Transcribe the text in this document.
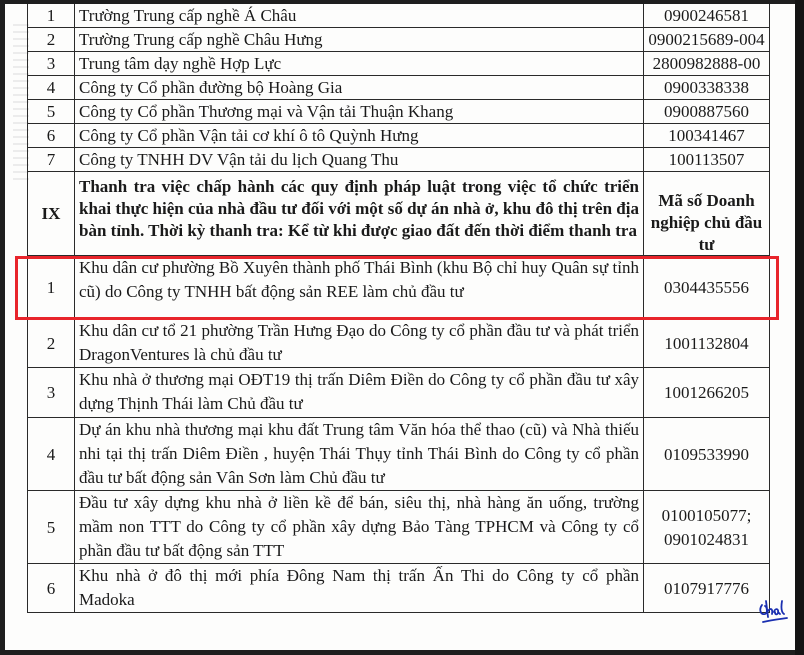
1	Trường Trung cấp nghề Á Châu	0900246581
2	Trường Trung cấp nghề Châu Hưng	0900215689-004
3	Trung tâm dạy nghề Hợp Lực	2800982888-00
4	Công ty Cổ phần đường bộ Hoàng Gia	0900338338
5	Công ty Cổ phần Thương mại và Vận tải Thuận Khang	0900887560
6	Công ty Cổ phần Vận tải cơ khí ô tô Quỳnh Hưng	100341467
7	Công ty TNHH DV Vận tải du lịch Quang Thu	100113507
IX	Thanh tra việc chấp hành các quy định pháp luật trong việc tổ chức triển khai thực hiện của nhà đầu tư đối với một số dự án nhà ở, khu đô thị trên địa bàn tỉnh. Thời kỳ thanh tra: Kể từ khi được giao đất đến thời điểm thanh tra	Mã số Doanh nghiệp chủ đầu tư

1	Khu dân cư phường Bồ Xuyên thành phố Thái Bình (khu Bộ chỉ huy Quân sự tỉnh cũ) do Công ty TNHH bất động sản REE làm chủ đầu tư	0304435556

2	Khu dân cư tổ 21 phường Trần Hưng Đạo do Công ty cổ phần đầu tư và phát triển DragonVentures là chủ đầu tư	1001132804

3	Khu nhà ở thương mại OĐT19 thị trấn Diêm Điền do Công ty cổ phần đầu tư xây dựng Thịnh Thái làm Chủ đầu tư	1001266205

4	Dự án khu nhà thương mại khu đất Trung tâm Văn hóa thể thao (cũ) và Nhà thiếu nhi tại thị trấn Diêm Điền , huyện Thái Thụy tỉnh Thái Bình do Công ty cổ phần đầu tư bất động sản Vân Sơn làm Chủ đầu tư	0109533990

5	Đầu tư xây dựng khu nhà ở liền kề để bán, siêu thị, nhà hàng ăn uống, trường mầm non TTT do Công ty cổ phần xây dựng Bảo Tàng TPHCM và Công ty cổ phần đầu tư bất động sản TTT	0100105077;
0901024831

6	Khu nhà ở đô thị mới phía Đông Nam thị trấn Ấn Thi do Công ty cổ phần Madoka	0107917776
